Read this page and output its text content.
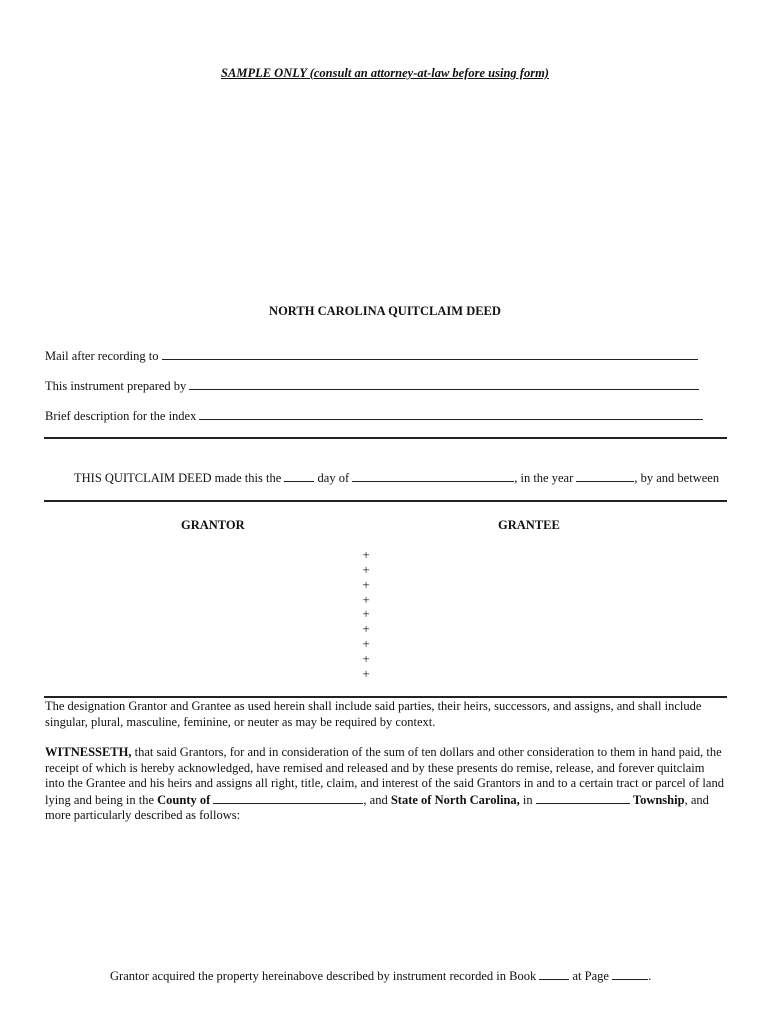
SAMPLE ONLY (consult an attorney-at-law before using form)
NORTH CAROLINA QUITCLAIM DEED
Mail after recording to
This instrument prepared by
Brief description for the index
THIS QUITCLAIM DEED made this the	day of	, in the year	, by and between
GRANTOR	GRANTEE
+
+
+
+
+
+
+
+
+
The designation Grantor and Grantee as used herein shall include said parties, their heirs, successors, and assigns, and shall include singular, plural, masculine, feminine, or neuter as may be required by context.
WITNESSETH, that said Grantors, for and in consideration of the sum of ten dollars and other consideration to them in hand paid, the receipt of which is hereby acknowledged, have remised and released and by these presents do remise, release, and forever quitclaim into the Grantee and his heirs and assigns all right, title, claim, and interest of the said Grantors in and to a certain tract or parcel of land lying and being in the County of	, and State of North Carolina, in	Township, and more particularly described as follows:
Grantor acquired the property hereinabove described by instrument recorded in Book	at Page	.
